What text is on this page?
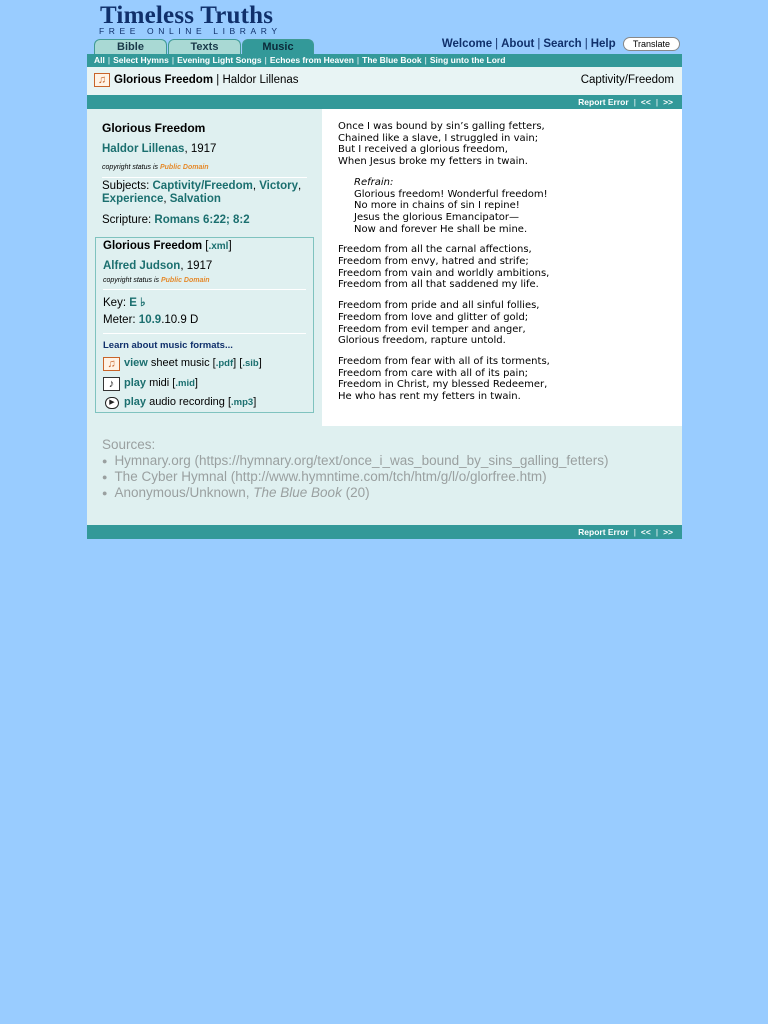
Timeless Truths
FREE ONLINE LIBRARY
Bible	Texts	Music	Welcome | About | Search | Help Translate
All | Select Hymns | Evening Light Songs | Echoes from Heaven | The Blue Book | Sing unto the Lord
♫ Glorious Freedom | Haldor Lillenas	Captivity/Freedom
Report Error | << | >>
Glorious Freedom
Haldor Lillenas, 1917
copyright status is Public Domain
Subjects: Captivity/Freedom, Victory, Experience, Salvation
Scripture: Romans 6:22; 8:2
Glorious Freedom [.xml]
Alfred Judson, 1917
copyright status is Public Domain
Key: E ♭
Meter: 10.9.10.9 D
Learn about music formats...
♫ view sheet music [.pdf] [.sib]
♪ play midi [.mid]
▶ play audio recording [.mp3]
Once I was bound by sin’s galling fetters,
Chained like a slave, I struggled in vain;
But I received a glorious freedom,
When Jesus broke my fetters in twain.
Refrain:
Glorious freedom! Wonderful freedom!
No more in chains of sin I repine!
Jesus the glorious Emancipator—
Now and forever He shall be mine.
Freedom from all the carnal affections,
Freedom from envy, hatred and strife;
Freedom from vain and worldly ambitions,
Freedom from all that saddened my life.
Freedom from pride and all sinful follies,
Freedom from love and glitter of gold;
Freedom from evil temper and anger,
Glorious freedom, rapture untold.
Freedom from fear with all of its torments,
Freedom from care with all of its pain;
Freedom in Christ, my blessed Redeemer,
He who has rent my fetters in twain.
Sources:
● Hymnary.org (https://hymnary.org/text/once_i_was_bound_by_sins_galling_fetters)
● The Cyber Hymnal (http://www.hymntime.com/tch/htm/g/l/o/glorfree.htm)
● Anonymous/Unknown, The Blue Book (20)
Report Error | << | >>
